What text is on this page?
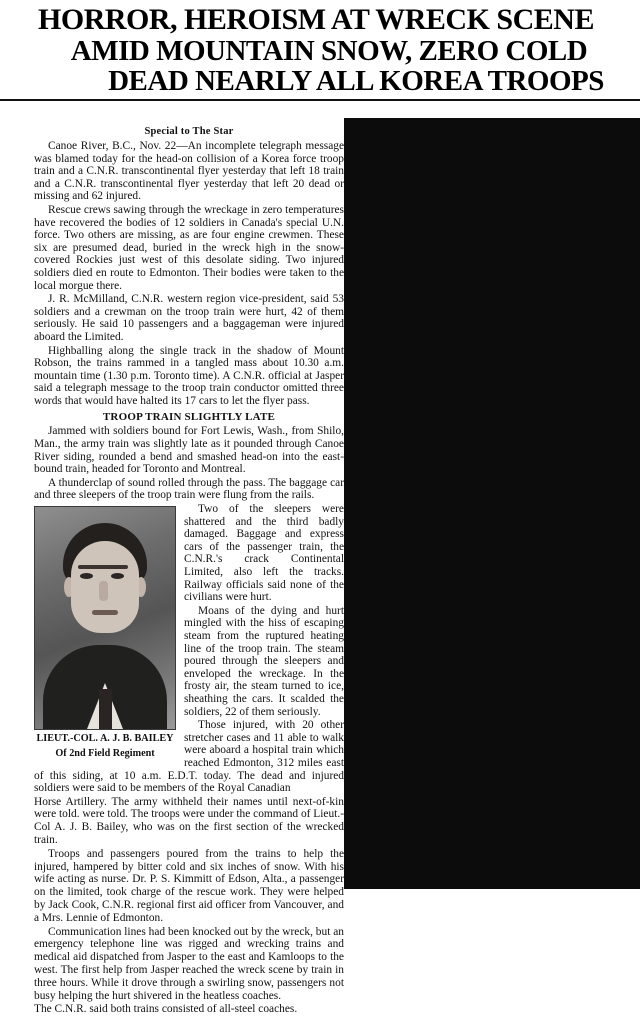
HORROR, HEROISM AT WRECK SCENE
AMID MOUNTAIN SNOW, ZERO COLD
DEAD NEARLY ALL KOREA TROOPS
Special to The Star

Canoe River, B.C., Nov. 22—An incomplete telegraph message was blamed today for the head-on collision of a Korea force troop train and a C.N.R. transcontinental flyer yesterday that left 18 train and a C.N.R. transcontinental flyer yesterday that left 20 dead or missing and 62 injured.

Rescue crews sawing through the wreckage in zero temperatures have recovered the bodies of 12 soldiers in Canada's special U.N. force. Two others are missing, as are four engine crewmen. These six are presumed dead, buried in the wreck high in the snow-covered Rockies just west of this desolate siding. Two injured soldiers died en route to Edmonton. Their bodies were taken to the local morgue there.

J. R. McMilland, C.N.R. western region vice-president, said 53 soldiers and a crewman on the troop train were hurt, 42 of them seriously. He said 10 passengers and a baggageman were injured aboard the Limited.

Highballing along the single track in the shadow of Mount Robson, the trains rammed in a tangled mass about 10.30 a.m. mountain time (1.30 p.m. Toronto time). A C.N.R. official at Jasper said a telegraph message to the troop train conductor omitted three words that would have halted its 17 cars to let the flyer pass.

TROOP TRAIN SLIGHTLY LATE

Jammed with soldiers bound for Fort Lewis, Wash., from Shilo, Man., the army train was slightly late as it pounded through Canoe River siding, rounded a bend and smashed head-on into the east-bound train, headed for Toronto and Montreal.

A thunderclap of sound rolled through the pass. The baggage car and three sleepers of the troop train were flung from the rails.

LIEUT.-COL. A. J. B. BAILEY
Of 2nd Field Regiment

Two of the sleepers were shattered and the third badly damaged. Baggage and express cars of the passenger train, the C.N.R.'s crack Continental Limited, also left the tracks. Railway officials said none of the civilians were hurt.

Moans of the dying and hurt mingled with the hiss of escaping steam from the ruptured heating line of the troop train. The steam poured through the sleepers and enveloped the wreckage. In the frosty air, the steam turned to ice, sheathing the cars. It scalded the soldiers, 22 of them seriously.

Those injured, with 20 other stretcher cases and 11 able to walk were aboard a hospital train which reached Edmonton, 312 miles east of this siding, at 10 a.m. E.D.T. today. The dead and injured soldiers were said to be members of the Royal Canadian

Horse Artillery. The army withheld their names until next-of-kin were told. were told. The troops were under the command of Lieut.-Col A. J. B. Bailey, who was on the first section of the wrecked train.

Troops and passengers poured from the trains to help the injured, hampered by bitter cold and six inches of snow. With his wife acting as nurse. Dr. P. S. Kimmitt of Edson, Alta., a passenger on the limited, took charge of the rescue work. They were helped by Jack Cook, C.N.R. regional first aid officer from Vancouver, and a Mrs. Lennie of Edmonton.

Communication lines had been knocked out by the wreck, but an emergency telephone line was rigged and wrecking trains and medical aid dispatched from Jasper to the east and Kamloops to the west. The first help from Jasper reached the wreck scene by train in three hours. While it drove through a swirling snow, passengers not busy helping the hurt shivered in the heatless coaches.

The C.N.R. said both trains consisted of all-steel coaches.
